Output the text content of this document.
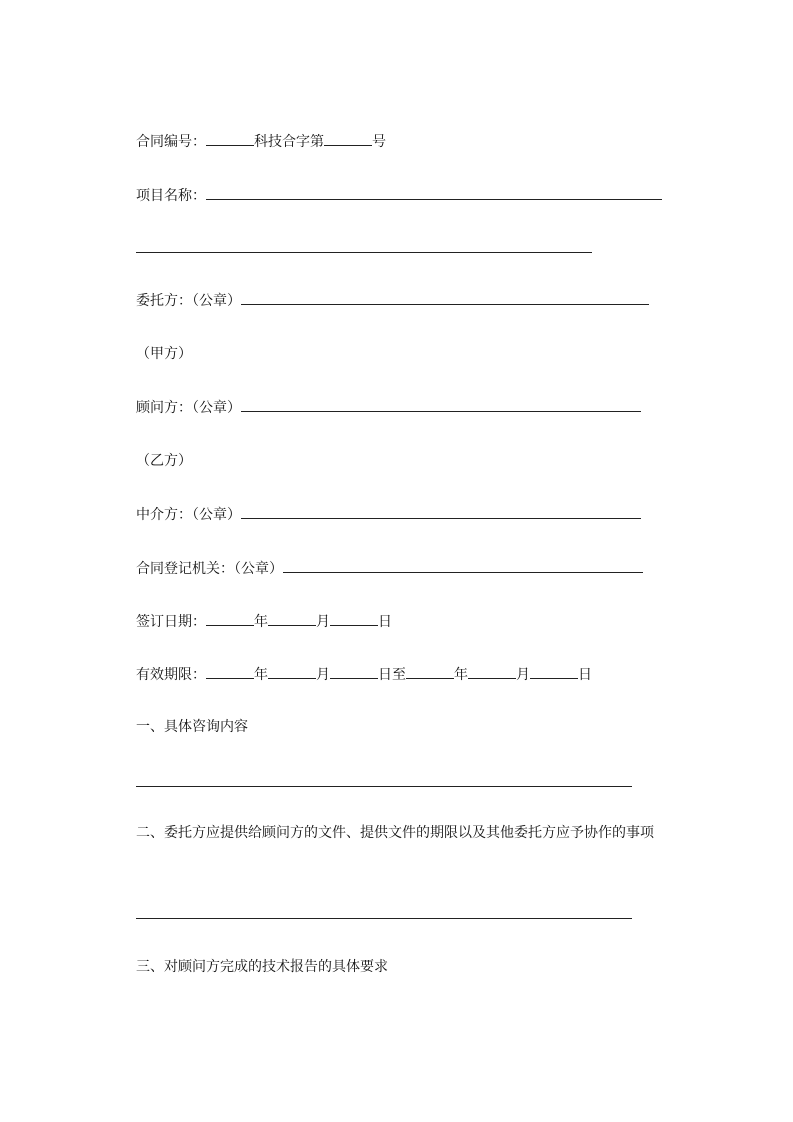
合同编号：	科技合字第	号
项目名称：
委托方：（公章）
（甲方）
顾问方：（公章）
（乙方）
中介方：（公章）
合同登记机关：（公章）
签订日期：	年	月	日
有效期限：	年	月	日至	年	月	日
一、具体咨询内容
二、委托方应提供给顾问方的文件、提供文件的期限以及其他委托方应予协作的事项
三、对顾问方完成的技术报告的具体要求
